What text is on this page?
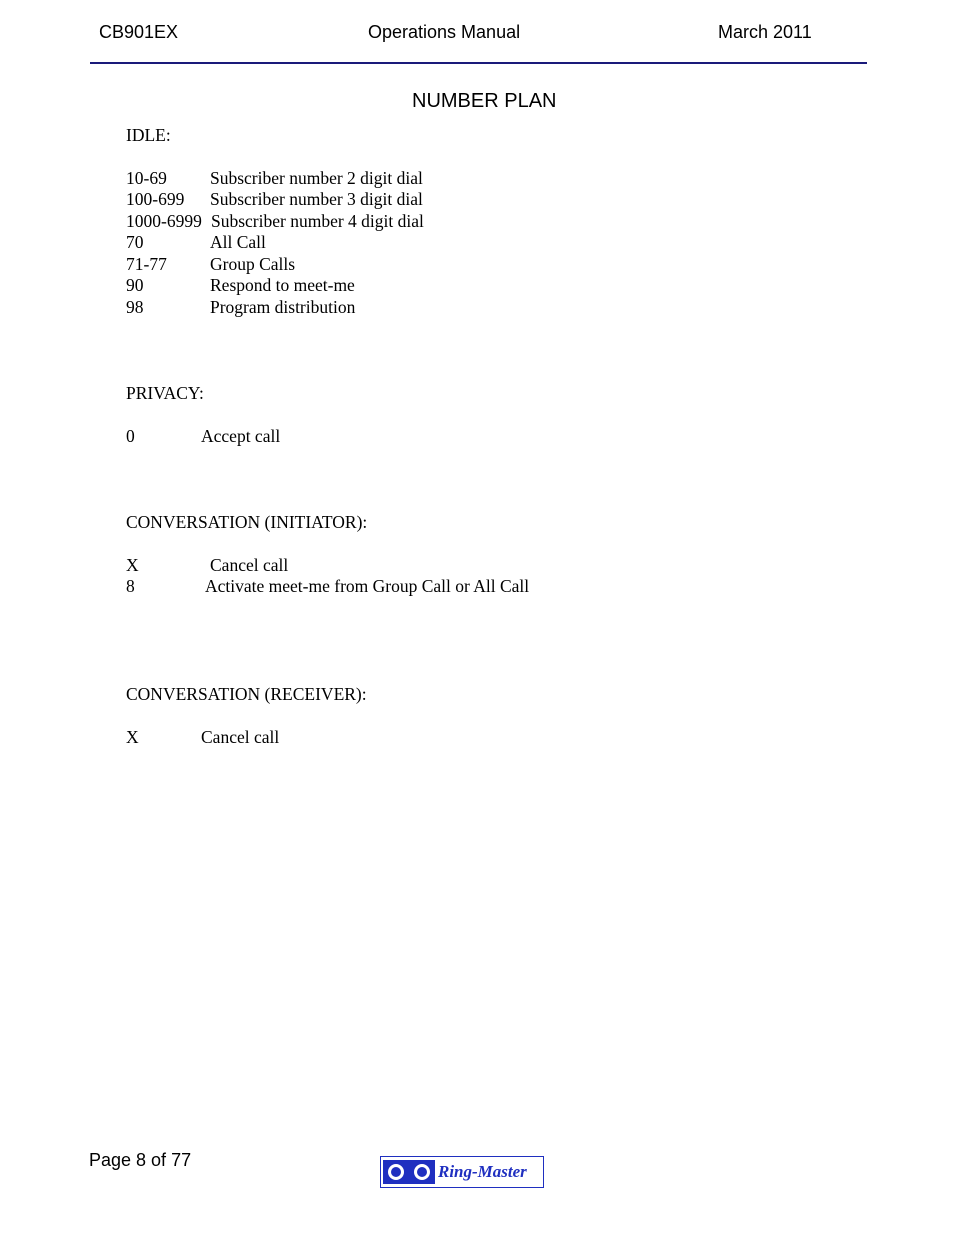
CB901EX	Operations Manual	March 2011
NUMBER PLAN
IDLE:
10-69 Subscriber number 2 digit dial
100-699 Subscriber number 3 digit dial
1000-6999 Subscriber number 4 digit dial
70	All Call
71-77 Group Calls
90	Respond to meet-me
98	Program distribution
PRIVACY:
0	Accept call
CONVERSATION (INITIATOR):
X	Cancel call
8	Activate meet-me from Group Call or All Call
CONVERSATION (RECEIVER):
X	Cancel call
Page 8 of 77
Ring-Master
